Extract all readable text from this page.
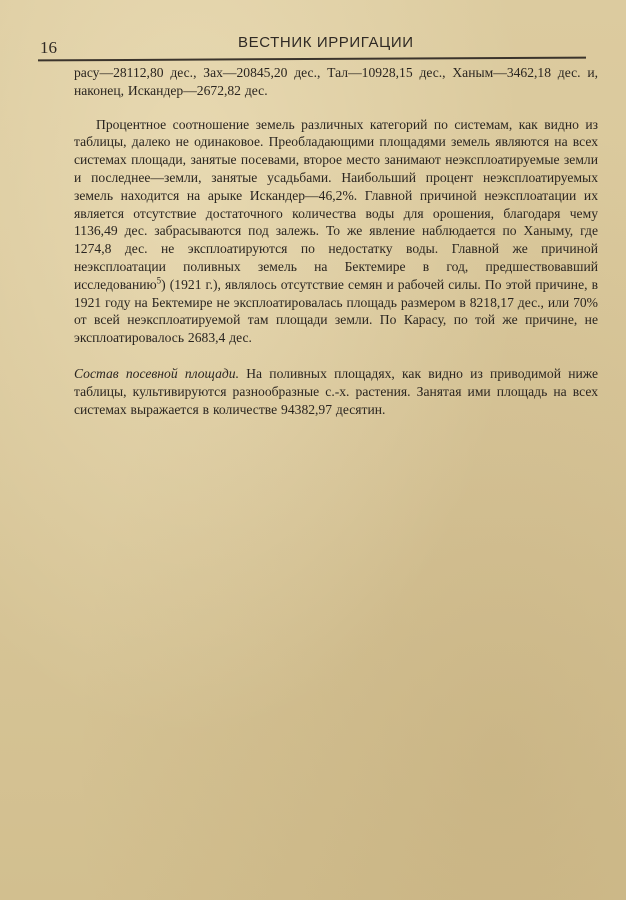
16	ВЕСТНИК ИРРИГАЦИИ

расу—28112,80 дес., Зах—20845,20 дес., Тал—10928,15 дес., Ханым—3462,18 дес. и, наконец, Искандер—2672,82 дес.

Процентное соотношение земель различных категорий по системам, как видно из таблицы, далеко не одинаковое. Преобладающими площадями земель являются на всех системах площади, занятые посевами, второе место занимают неэксплоатируемые земли и последнее—земли, занятые усадьбами. Наибольший процент неэксплоатируемых земель находится на арыке Искандер—46,2%. Главной причиной неэксплоатации их является отсутствие достаточного количества воды для орошения, благодаря чему 1136,49 дес. забрасываются под залежь. То же явление наблюдается по Ханыму, где 1274,8 дес. не эксплоатируются по недостатку воды. Главной же причиной неэксплоатации поливных земель на Бектемире в год, предшествовавший исследованию$^5$) (1921 г.), являлось отсутствие семян и рабочей силы. По этой причине, в 1921 году на Бектемире не эксплоатировалась площадь размером в 8218,17 дес., или 70% от всей неэксплоатируемой там площади земли. По Карасу, по той же причине, не эксплоатировалось 2683,4 дес.

Состав посевной площади. На поливных площадях, как видно из приводимой ниже таблицы, культивируются разнообразные с.-х. растения. Занятая ими площадь на всех системах выражается в количестве 94382,97 десятин.
